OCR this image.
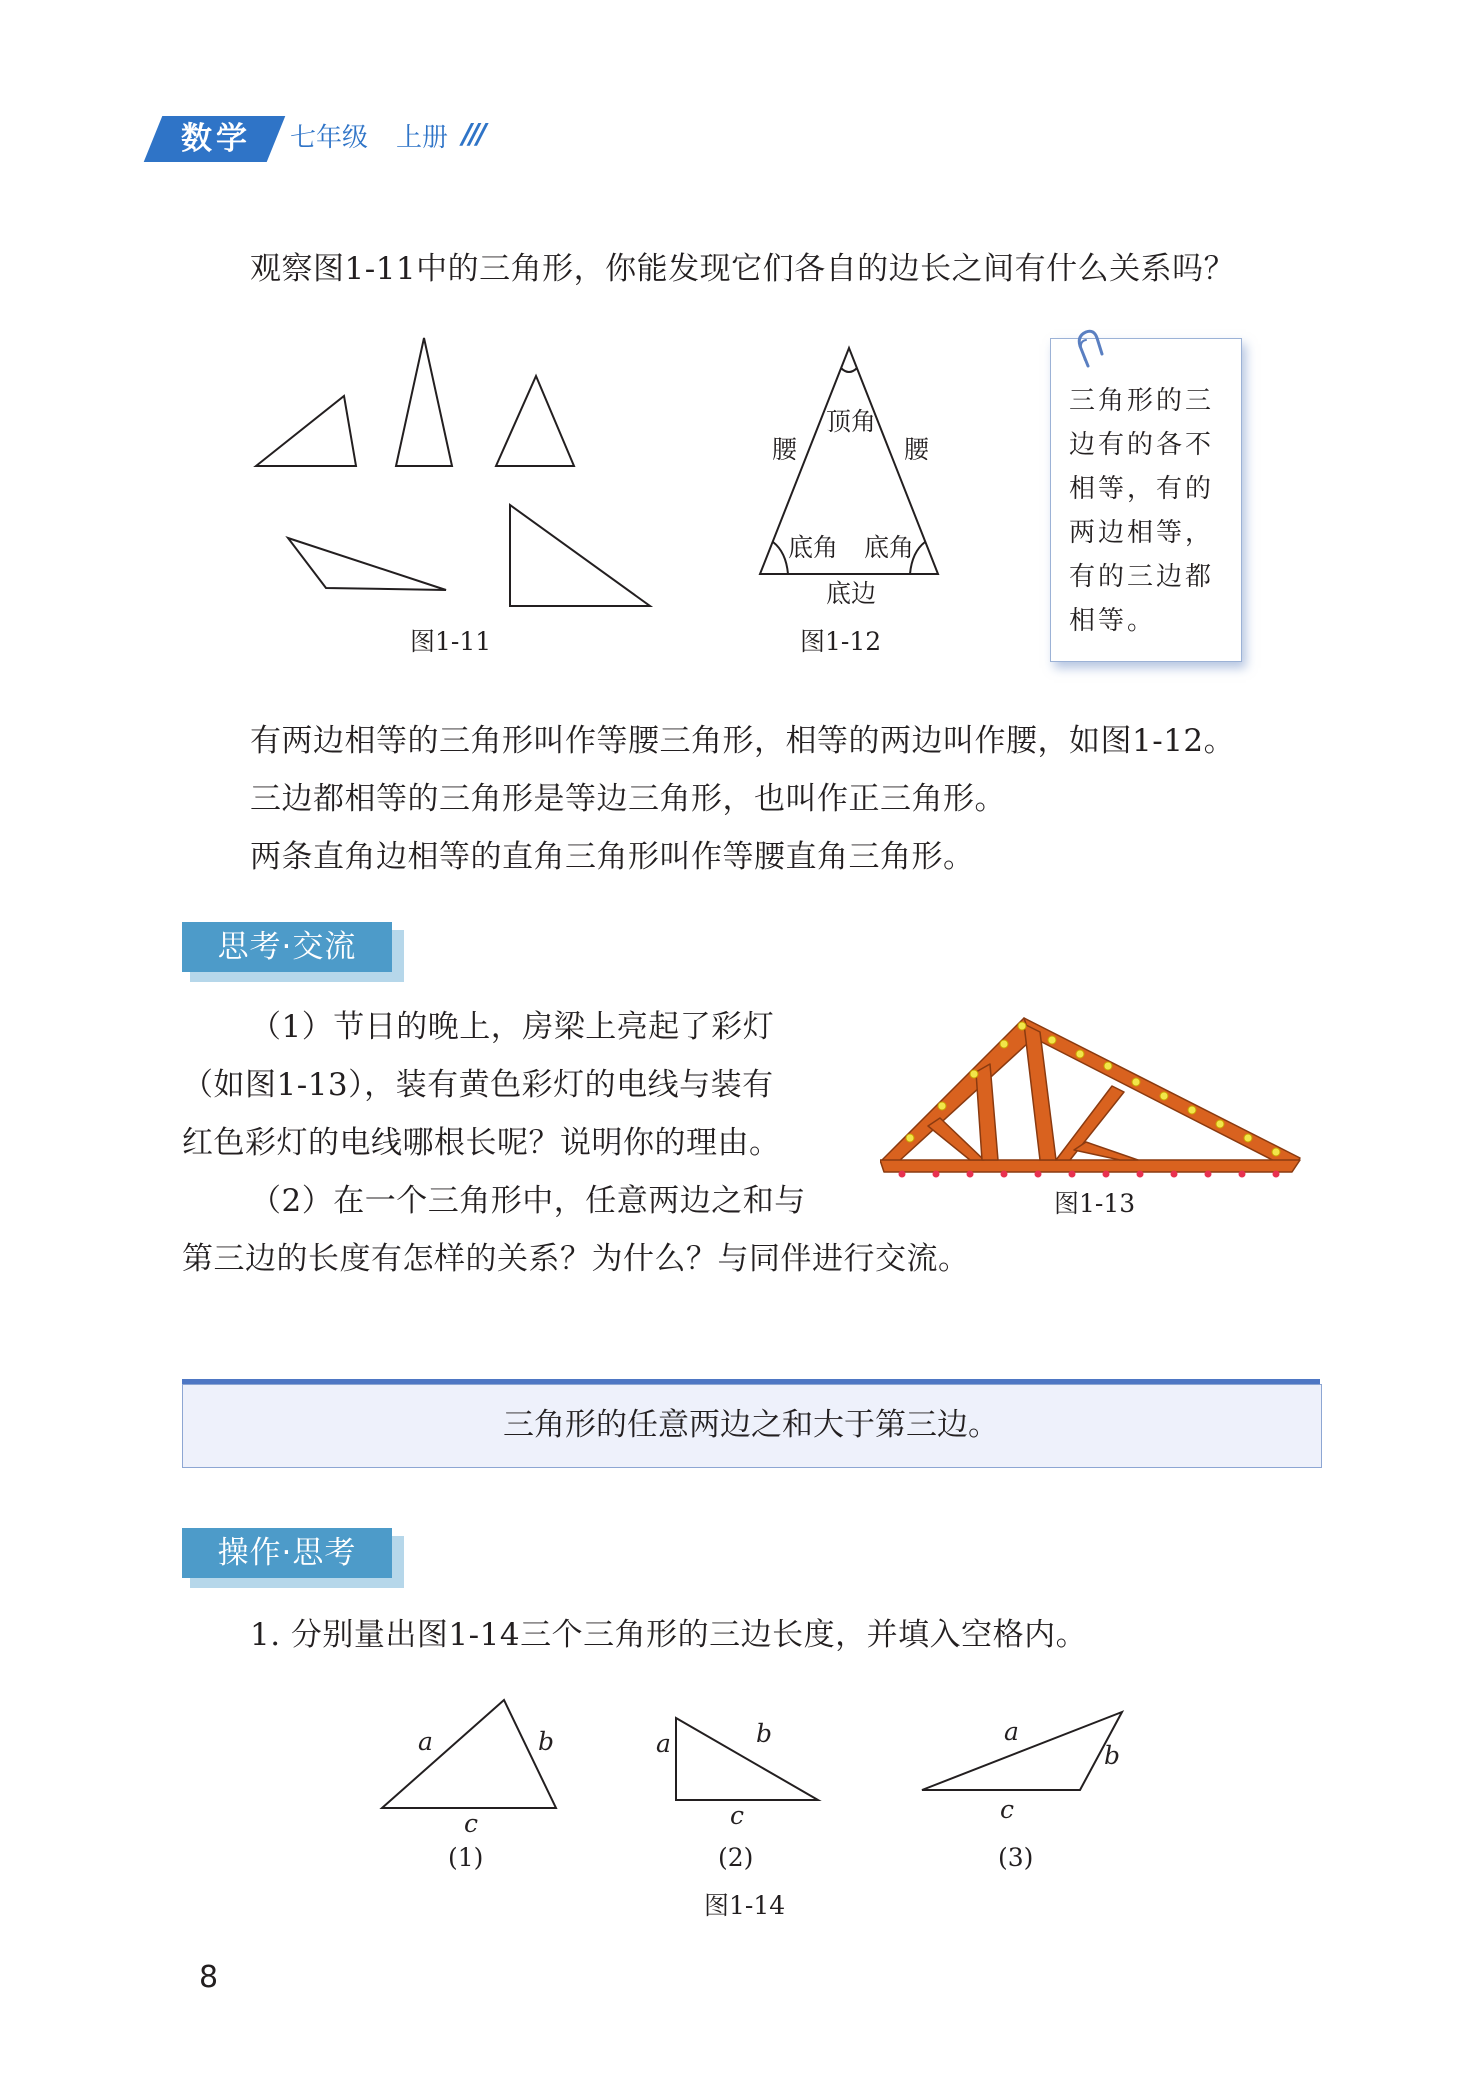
数学	七年级 上册 ///
观察图1-11中的三角形，你能发现它们各自的边长之间有什么关系吗？
图1-11
顶角
腰	腰
底角 底角
底边
图1-12
三角形的三
边有的各不
相等，有的
两边相等，
有的三边都
相等。
有两边相等的三角形叫作等腰三角形，相等的两边叫作腰，如图1-12。
三边都相等的三角形是等边三角形，也叫作正三角形。
两条直角边相等的直角三角形叫作等腰直角三角形。
思考·交流
（1）节日的晚上，房梁上亮起了彩灯
（如图1-13），装有黄色彩灯的电线与装有
红色彩灯的电线哪根长呢？说明你的理由。
（2）在一个三角形中，任意两边之和与
第三边的长度有怎样的关系？为什么？与同伴进行交流。
图1-13
三角形的任意两边之和大于第三边。
操作·思考
1. 分别量出图1-14三个三角形的三边长度，并填入空格内。
a	b
c
a	b
c
a
b
c
(1)	(2)	(3)
图1-14
8
